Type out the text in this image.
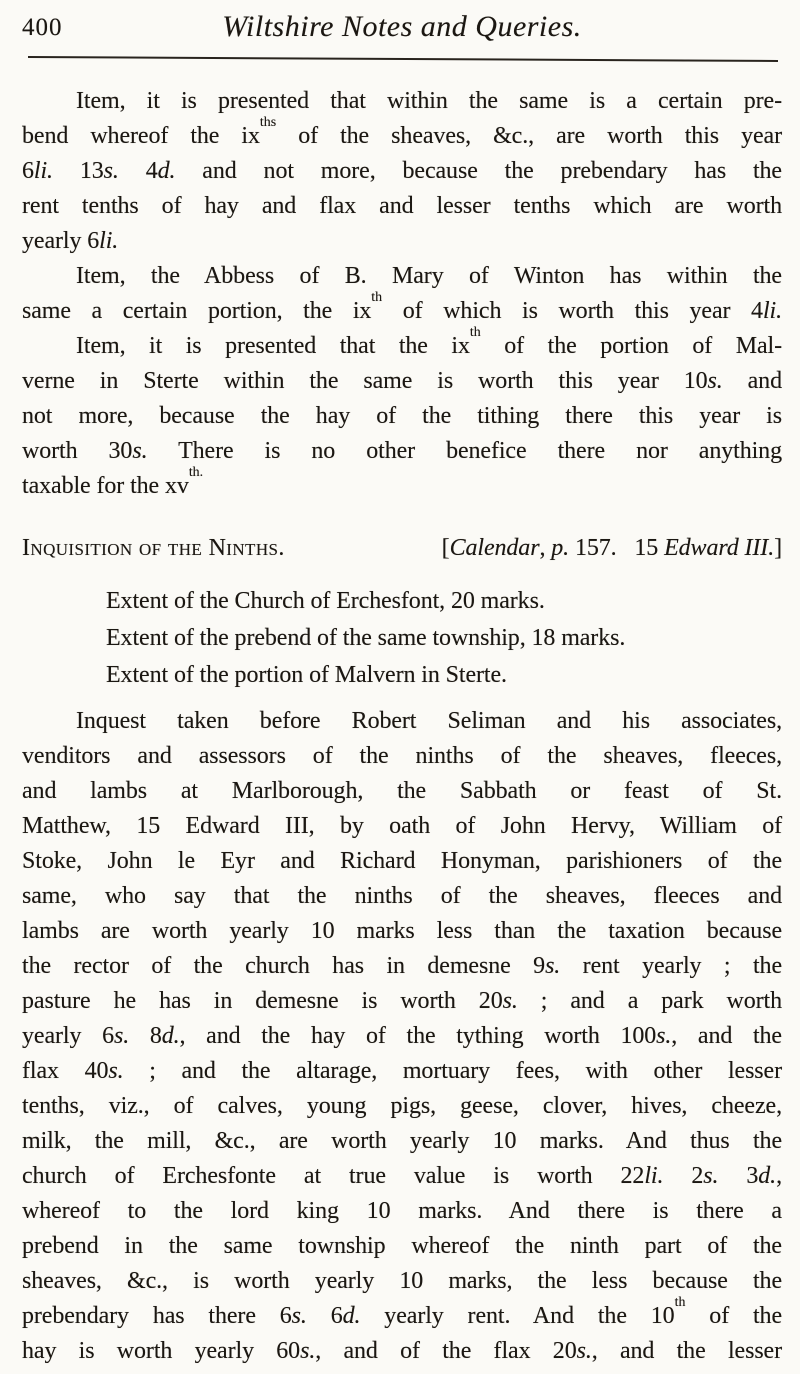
400	Wiltshire Notes and Queries.
Item, it is presented that within the same is a certain pre-
bend whereof the $ix^{ths}$ of the sheaves, &c., are worth this year
6li. 13s. 4d. and not more, because the prebendary has the
rent tenths of hay and flax and lesser tenths which are worth
yearly 6li.
Item, the Abbess of B. Mary of Winton has within the
same a certain portion, the $ix^{th}$ of which is worth this year 4li.
Item, it is presented that the $ix^{th}$ of the portion of Mal-
verne in Sterte within the same is worth this year 10s. and
not more, because the hay of the tithing there this year is
worth 30s. There is no other benefice there nor anything
taxable for the $xv^{th.}$
Inquisition of the Ninths.	[Calendar, p. 157.  15 Edward III.]
Extent of the Church of Erchesfont, 20 marks.
Extent of the prebend of the same township, 18 marks.
Extent of the portion of Malvern in Sterte.
Inquest taken before Robert Seliman and his associates,
venditors and assessors of the ninths of the sheaves, fleeces,
and lambs at Marlborough, the Sabbath or feast of St.
Matthew, 15 Edward III, by oath of John Hervy, William of
Stoke, John le Eyr and Richard Honyman, parishioners of the
same, who say that the ninths of the sheaves, fleeces and
lambs are worth yearly 10 marks less than the taxation because
the rector of the church has in demesne 9s. rent yearly ; the
pasture he has in demesne is worth 20s. ; and a park worth
yearly 6s. 8d., and the hay of the tything worth 100s., and the
flax 40s. ; and the altarage, mortuary fees, with other lesser
tenths, viz., of calves, young pigs, geese, clover, hives, cheeze,
milk, the mill, &c., are worth yearly 10 marks. And thus the
church of Erchesfonte at true value is worth 22li. 2s. 3d.,
whereof to the lord king 10 marks. And there is there a
prebend in the same township whereof the ninth part of the
sheaves, &c., is worth yearly 10 marks, the less because the
prebendary has there 6s. 6d. yearly rent. And the 10th of the
hay is worth yearly 60s., and of the flax 20s., and the lesser
